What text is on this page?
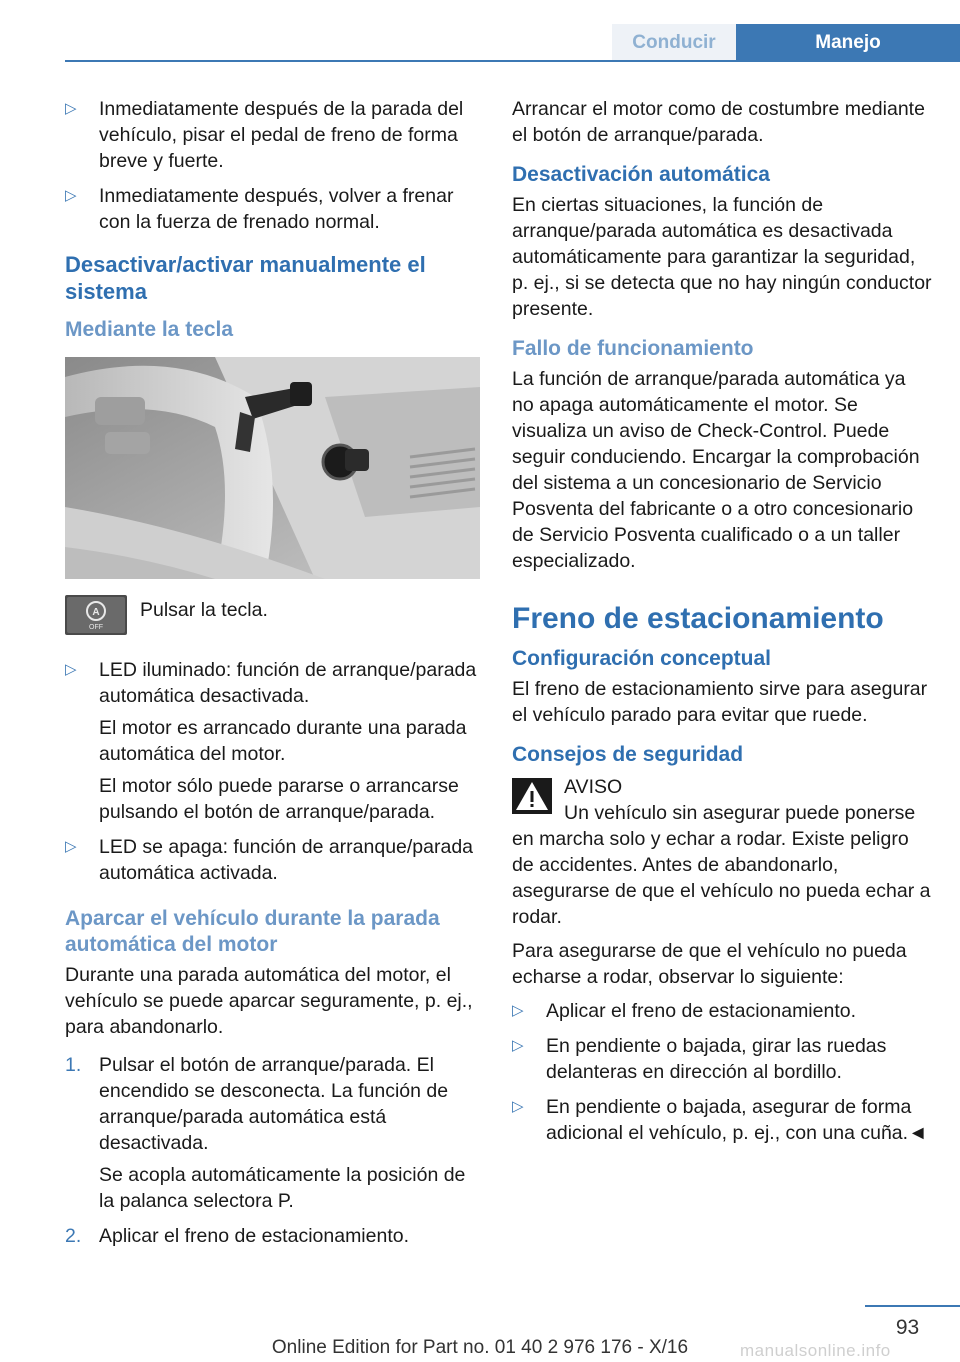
Conducir	Manejo
▷	Inmediatamente después de la parada del vehículo, pisar el pedal de freno de forma breve y fuerte.
▷	Inmediatamente después, volver a frenar con la fuerza de frenado normal.
Desactivar/activar manualmente el sistema
Mediante la tecla
A
OFF
Pulsar la tecla.
▷	LED iluminado: función de arranque/parada automática desactivada.

El motor es arrancado durante una parada automática del motor.

El motor sólo puede pararse o arrancarse pulsando el botón de arranque/parada.

▷	LED se apaga: función de arranque/parada automática activada.
Aparcar el vehículo durante la parada automática del motor

Durante una parada automática del motor, el vehículo se puede aparcar seguramente, p. ej., para abandonarlo.

1. Pulsar el botón de arranque/parada. El encendido se desconecta. La función de arranque/parada automática está desactivada.

Se acopla automáticamente la posición de la palanca selectora P.

2. Aplicar el freno de estacionamiento.

Arrancar el motor como de costumbre mediante el botón de arranque/parada.

Desactivación automática

En ciertas situaciones, la función de arranque/parada automática es desactivada automáticamente para garantizar la seguridad, p. ej., si se detecta que no hay ningún conductor presente.

Fallo de funcionamiento

La función de arranque/parada automática ya no apaga automáticamente el motor. Se visualiza un aviso de Check-Control. Puede seguir conduciendo. Encargar la comprobación del sistema a un concesionario de Servicio Posventa del fabricante o a otro concesionario de Servicio Posventa cualificado o a un taller especializado.

Freno de estacionamiento
Configuración conceptual

El freno de estacionamiento sirve para asegurar el vehículo parado para evitar que ruede.

Consejos de seguridad
AVISO
Un vehículo sin asegurar puede ponerse

en marcha solo y echar a rodar. Existe peligro de accidentes. Antes de abandonarlo, asegurarse de que el vehículo no pueda echar a rodar.

Para asegurarse de que el vehículo no pueda echarse a rodar, observar lo siguiente:

▷	Aplicar el freno de estacionamiento.
▷	En pendiente o bajada, girar las ruedas delanteras en dirección al bordillo.
▷	En pendiente o bajada, asegurar de forma adicional el vehículo, p. ej., con una cuña.◄
93
Online Edition for Part no. 01 40 2 976 176 - X/16	manualsonline.info
